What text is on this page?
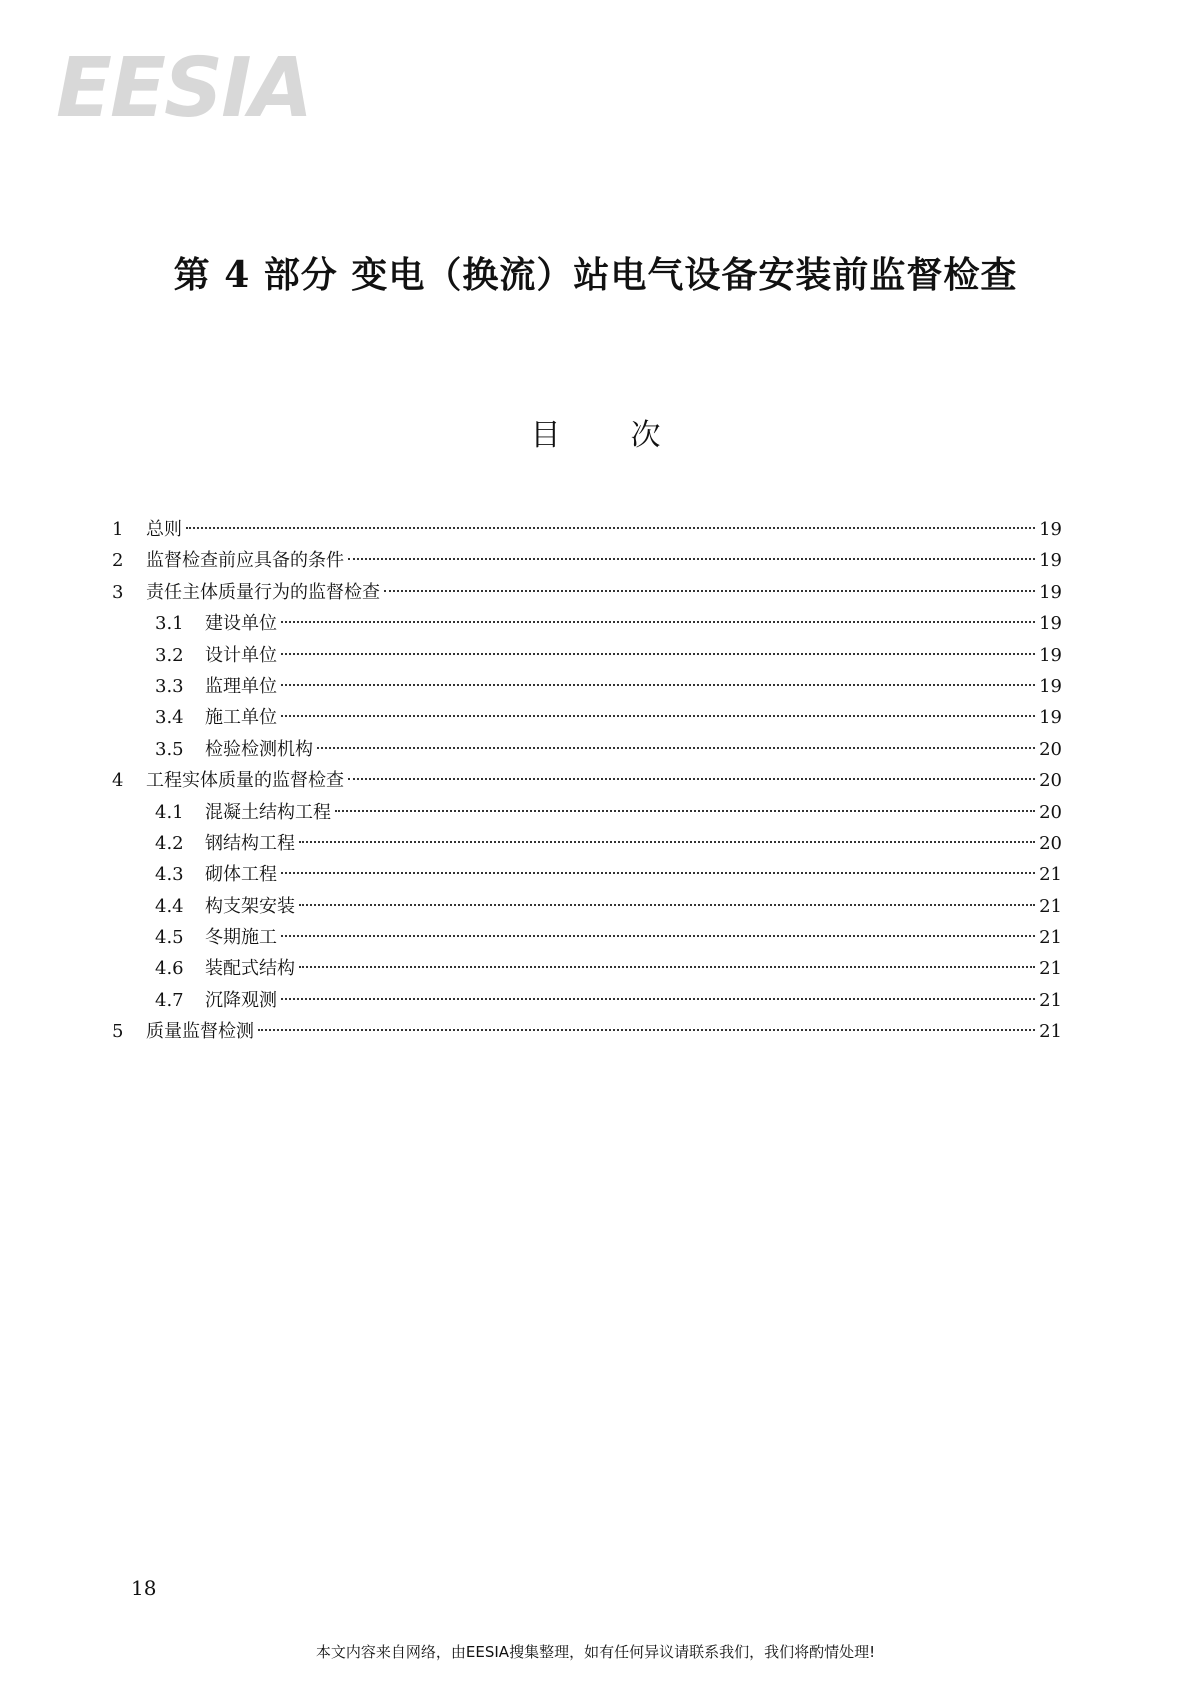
EESIA
第 4 部分 变电（换流）站电气设备安装前监督检查
目次
1	总则	19
2	监督检查前应具备的条件	19
3	责任主体质量行为的监督检查	19
3.1	建设单位	19
3.2	设计单位	19
3.3	监理单位	19
3.4	施工单位	19
3.5	检验检测机构	20
4	工程实体质量的监督检查	20
4.1	混凝土结构工程	20
4.2	钢结构工程	20
4.3	砌体工程	21
4.4	构支架安装	21
4.5	冬期施工	21
4.6	装配式结构	21
4.7	沉降观测	21
5	质量监督检测	21
18
本文内容来自网络，由EESIA搜集整理，如有任何异议请联系我们，我们将酌情处理!
